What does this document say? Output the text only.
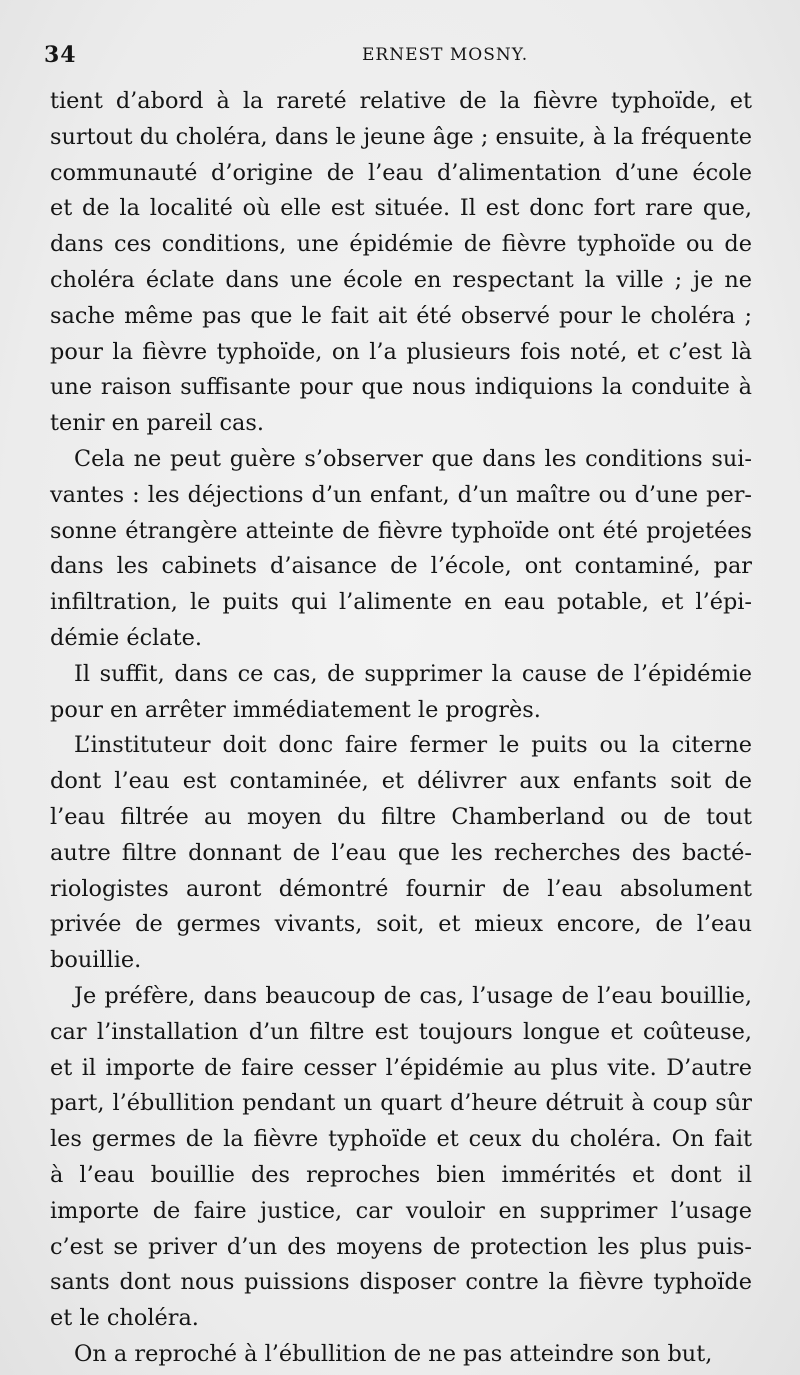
34	ERNEST MOSNY.
tient d’abord à la rareté relative de la fièvre typhoïde, et
surtout du choléra, dans le jeune âge ; ensuite, à la fréquente
communauté d’origine de l’eau d’alimentation d’une école
et de la localité où elle est située. Il est donc fort rare que,
dans ces conditions, une épidémie de fièvre typhoïde ou de
choléra éclate dans une école en respectant la ville ; je ne
sache même pas que le fait ait été observé pour le choléra ;
pour la fièvre typhoïde, on l’a plusieurs fois noté, et c’est là
une raison suffisante pour que nous indiquions la conduite à
tenir en pareil cas.
Cela ne peut guère s’observer que dans les conditions sui-
vantes : les déjections d’un enfant, d’un maître ou d’une per-
sonne étrangère atteinte de fièvre typhoïde ont été projetées
dans les cabinets d’aisance de l’école, ont contaminé, par
infiltration, le puits qui l’alimente en eau potable, et l’épi-
démie éclate.
Il suffit, dans ce cas, de supprimer la cause de l’épidémie
pour en arrêter immédiatement le progrès.
L’instituteur doit donc faire fermer le puits ou la citerne
dont l’eau est contaminée, et délivrer aux enfants soit de
l’eau filtrée au moyen du filtre Chamberland ou de tout
autre filtre donnant de l’eau que les recherches des bacté-
riologistes auront démontré fournir de l’eau absolument
privée de germes vivants, soit, et mieux encore, de l’eau
bouillie.
Je préfère, dans beaucoup de cas, l’usage de l’eau bouillie,
car l’installation d’un filtre est toujours longue et coûteuse,
et il importe de faire cesser l’épidémie au plus vite. D’autre
part, l’ébullition pendant un quart d’heure détruit à coup sûr
les germes de la fièvre typhoïde et ceux du choléra. On fait
à l’eau bouillie des reproches bien immérités et dont il
importe de faire justice, car vouloir en supprimer l’usage
c’est se priver d’un des moyens de protection les plus puis-
sants dont nous puissions disposer contre la fièvre typhoïde
et le choléra.
On a reproché à l’ébullition de ne pas atteindre son but,
